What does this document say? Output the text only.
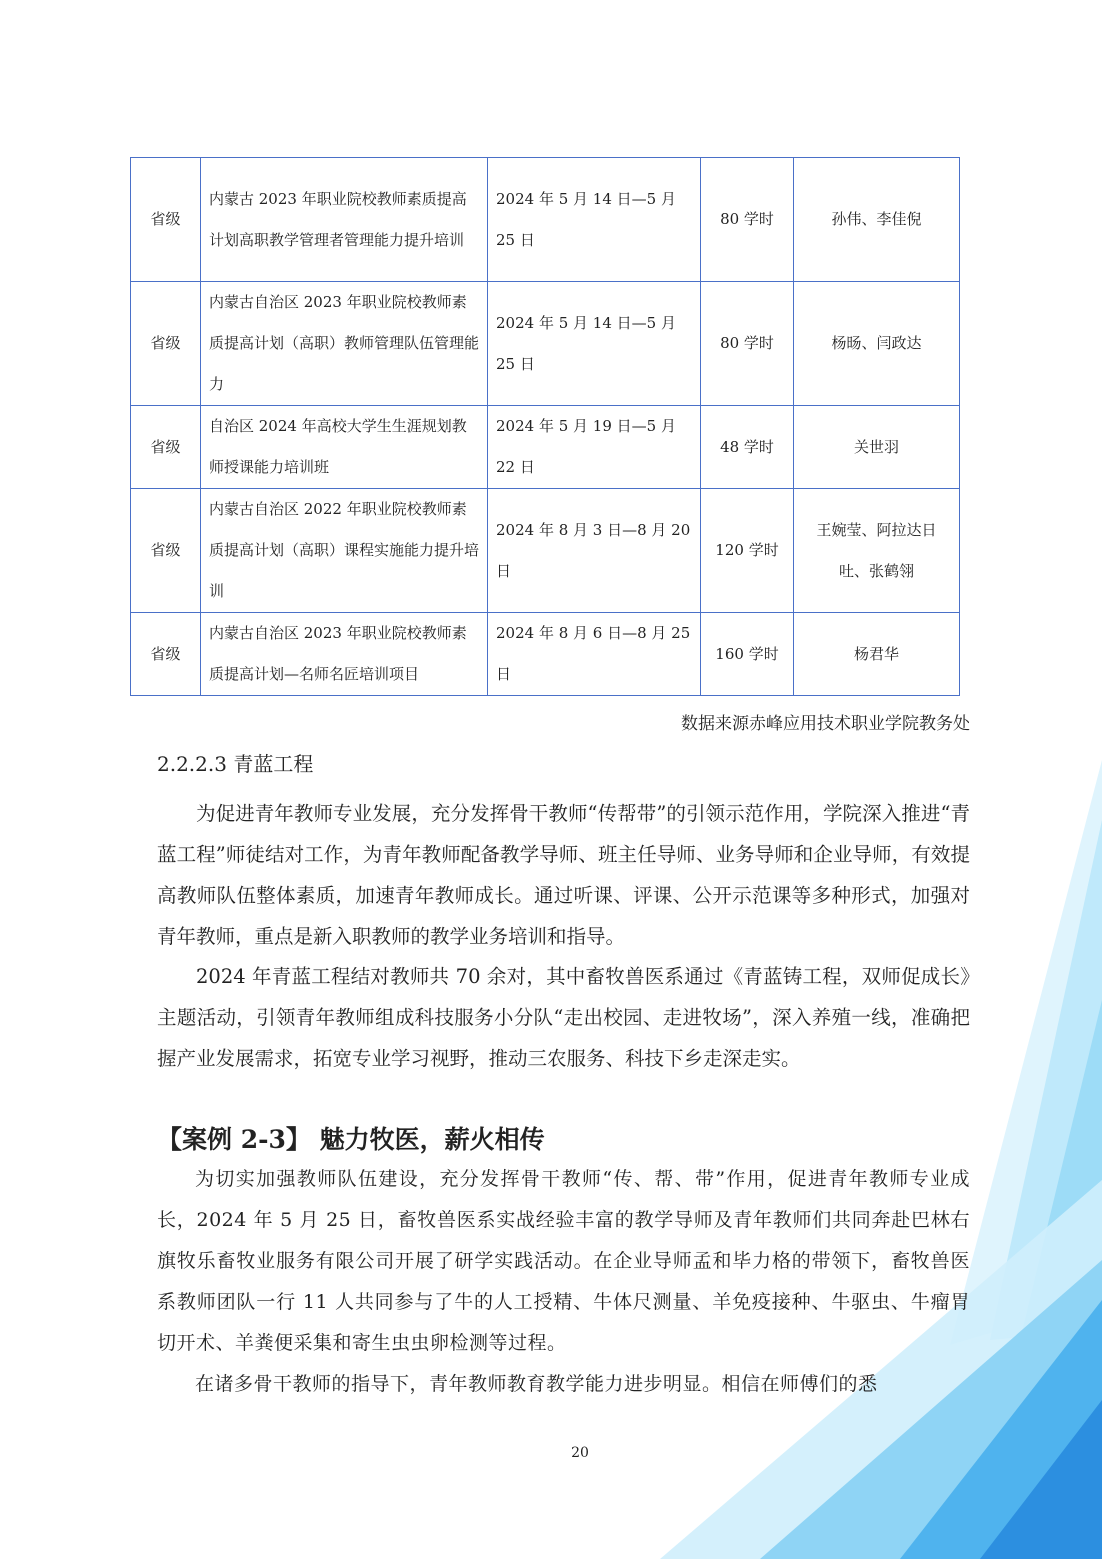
省级	内蒙古 2023 年职业院校教师素质提高计划高职教学管理者管理能力提升培训	2024 年 5 月 14 日—5 月 25 日	80 学时	孙伟、李佳倪

省级	内蒙古自治区 2023 年职业院校教师素质提高计划（高职）教师管理队伍管理能力	2024 年 5 月 14 日—5 月 25 日	80 学时	杨旸、闫政达

省级	自治区 2024 年高校大学生生涯规划教师授课能力培训班	2024 年 5 月 19 日—5 月 22 日	48 学时	关世羽

省级	内蒙古自治区 2022 年职业院校教师素质提高计划（高职）课程实施能力提升培训	2024 年 8 月 3 日—8 月 20 日	120 学时	王婉莹、阿拉达日吐、张鹤翎

省级	内蒙古自治区 2023 年职业院校教师素质提高计划—名师名匠培训项目	2024 年 8 月 6 日—8 月 25 日	160 学时	杨君华
数据来源赤峰应用技术职业学院教务处
2.2.2.3 青蓝工程

为促进青年教师专业发展，充分发挥骨干教师“传帮带”的引领示范作用，学院深入推进“青蓝工程”师徒结对工作，为青年教师配备教学导师、班主任导师、业务导师和企业导师，有效提高教师队伍整体素质，加速青年教师成长。通过听课、评课、公开示范课等多种形式，加强对青年教师，重点是新入职教师的教学业务培训和指导。

2024 年青蓝工程结对教师共 70 余对，其中畜牧兽医系通过《青蓝铸工程，双师促成长》主题活动，引领青年教师组成科技服务小分队“走出校园、走进牧场”，深入养殖一线，准确把握产业发展需求，拓宽专业学习视野，推动三农服务、科技下乡走深走实。

【案例 2-3】 魅力牧医，薪火相传

为切实加强教师队伍建设，充分发挥骨干教师“传、帮、带”作用，促进青年教师专业成长，2024 年 5 月 25 日，畜牧兽医系实战经验丰富的教学导师及青年教师们共同奔赴巴林右旗牧乐畜牧业服务有限公司开展了研学实践活动。在企业导师孟和毕力格的带领下，畜牧兽医系教师团队一行 11 人共同参与了牛的人工授精、牛体尺测量、羊免疫接种、牛驱虫、牛瘤胃切开术、羊粪便采集和寄生虫虫卵检测等过程。

在诸多骨干教师的指导下，青年教师教育教学能力进步明显。相信在师傅们的悉

20
